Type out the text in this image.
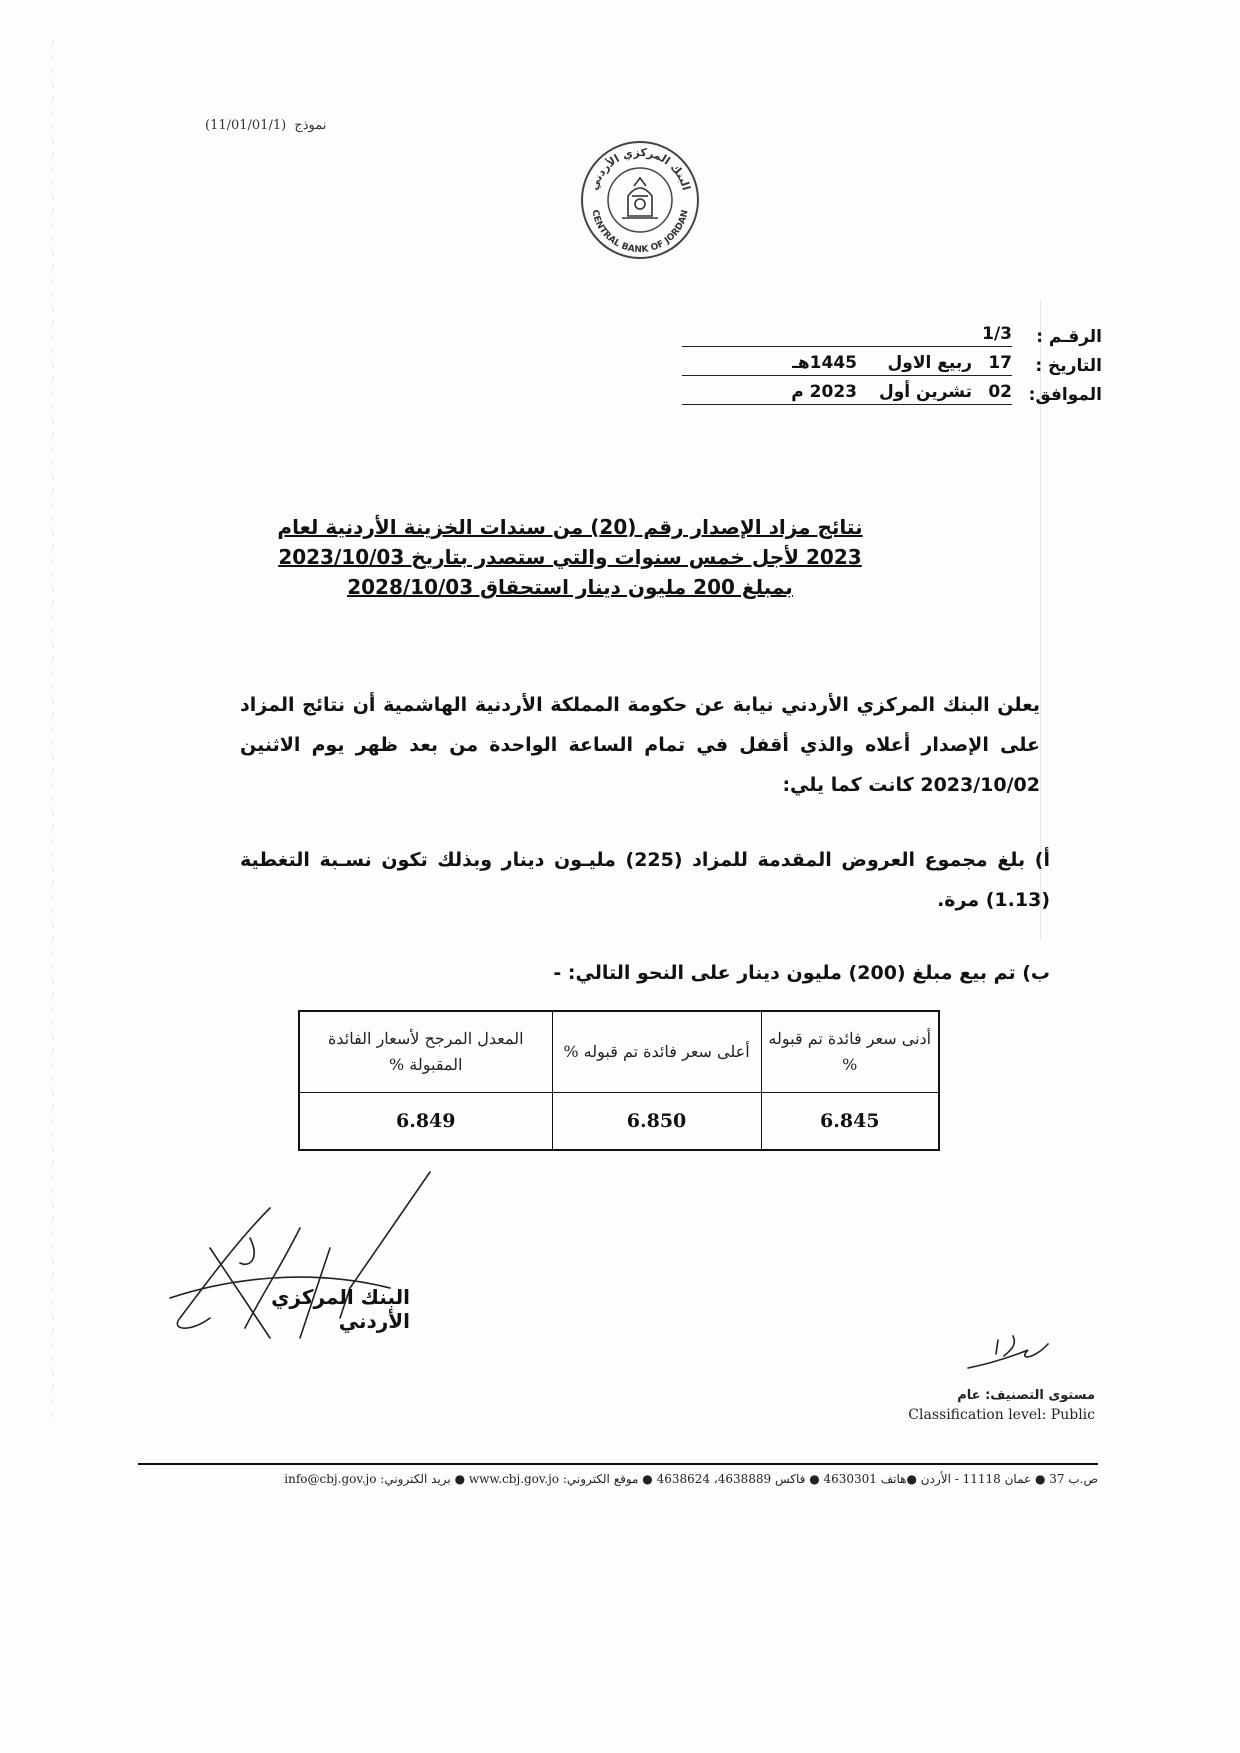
(11/01/01/1) نموذج
البنك المركزي الأردني
CENTRAL BANK OF JORDAN
الرقـم :
1/3
التاريخ :
17
ربيع الاول
1445هـ
الموافق:
02
تشرين أول
2023 م
نتائج مزاد الإصدار رقم (20) من سندات الخزينة الأردنية لعام
2023 لأجل خمس سنوات والتي ستصدر بتاريخ 2023/10/03
بمبلغ 200 مليون دينار استحقاق 2028/10/03
يعلن البنك المركزي الأردني نيابة عن حكومة المملكة الأردنية الهاشمية أن نتائج المزاد على الإصدار أعلاه والذي أقفل في تمام الساعة الواحدة من بعد ظهر يوم الاثنين 2023/10/02 كانت كما يلي:
أ) بلغ مجموع العروض المقدمة للمزاد (225) مليـون دينار وبذلك تكون نسـبة التغطية (1.13) مرة.
ب) تم بيع مبلغ (200) مليون دينار على النحو التالي: -
أدنى سعر فائدة تم قبوله %	أعلى سعر فائدة تم قبوله %	المعدل المرجح لأسعار الفائدة المقبولة %
6.845	6.850	6.849
البنك المركزي الأردني
مستوى التصنيف: عام
Classification level: Public
ص.ب 37 ● عمان 11118 - الأردن ●هاتف 4630301 ● فاكس 4638889، 4638624 ● موقع الكتروني: www.cbj.gov.jo ● بريد الكتروني: info@cbj.gov.jo
